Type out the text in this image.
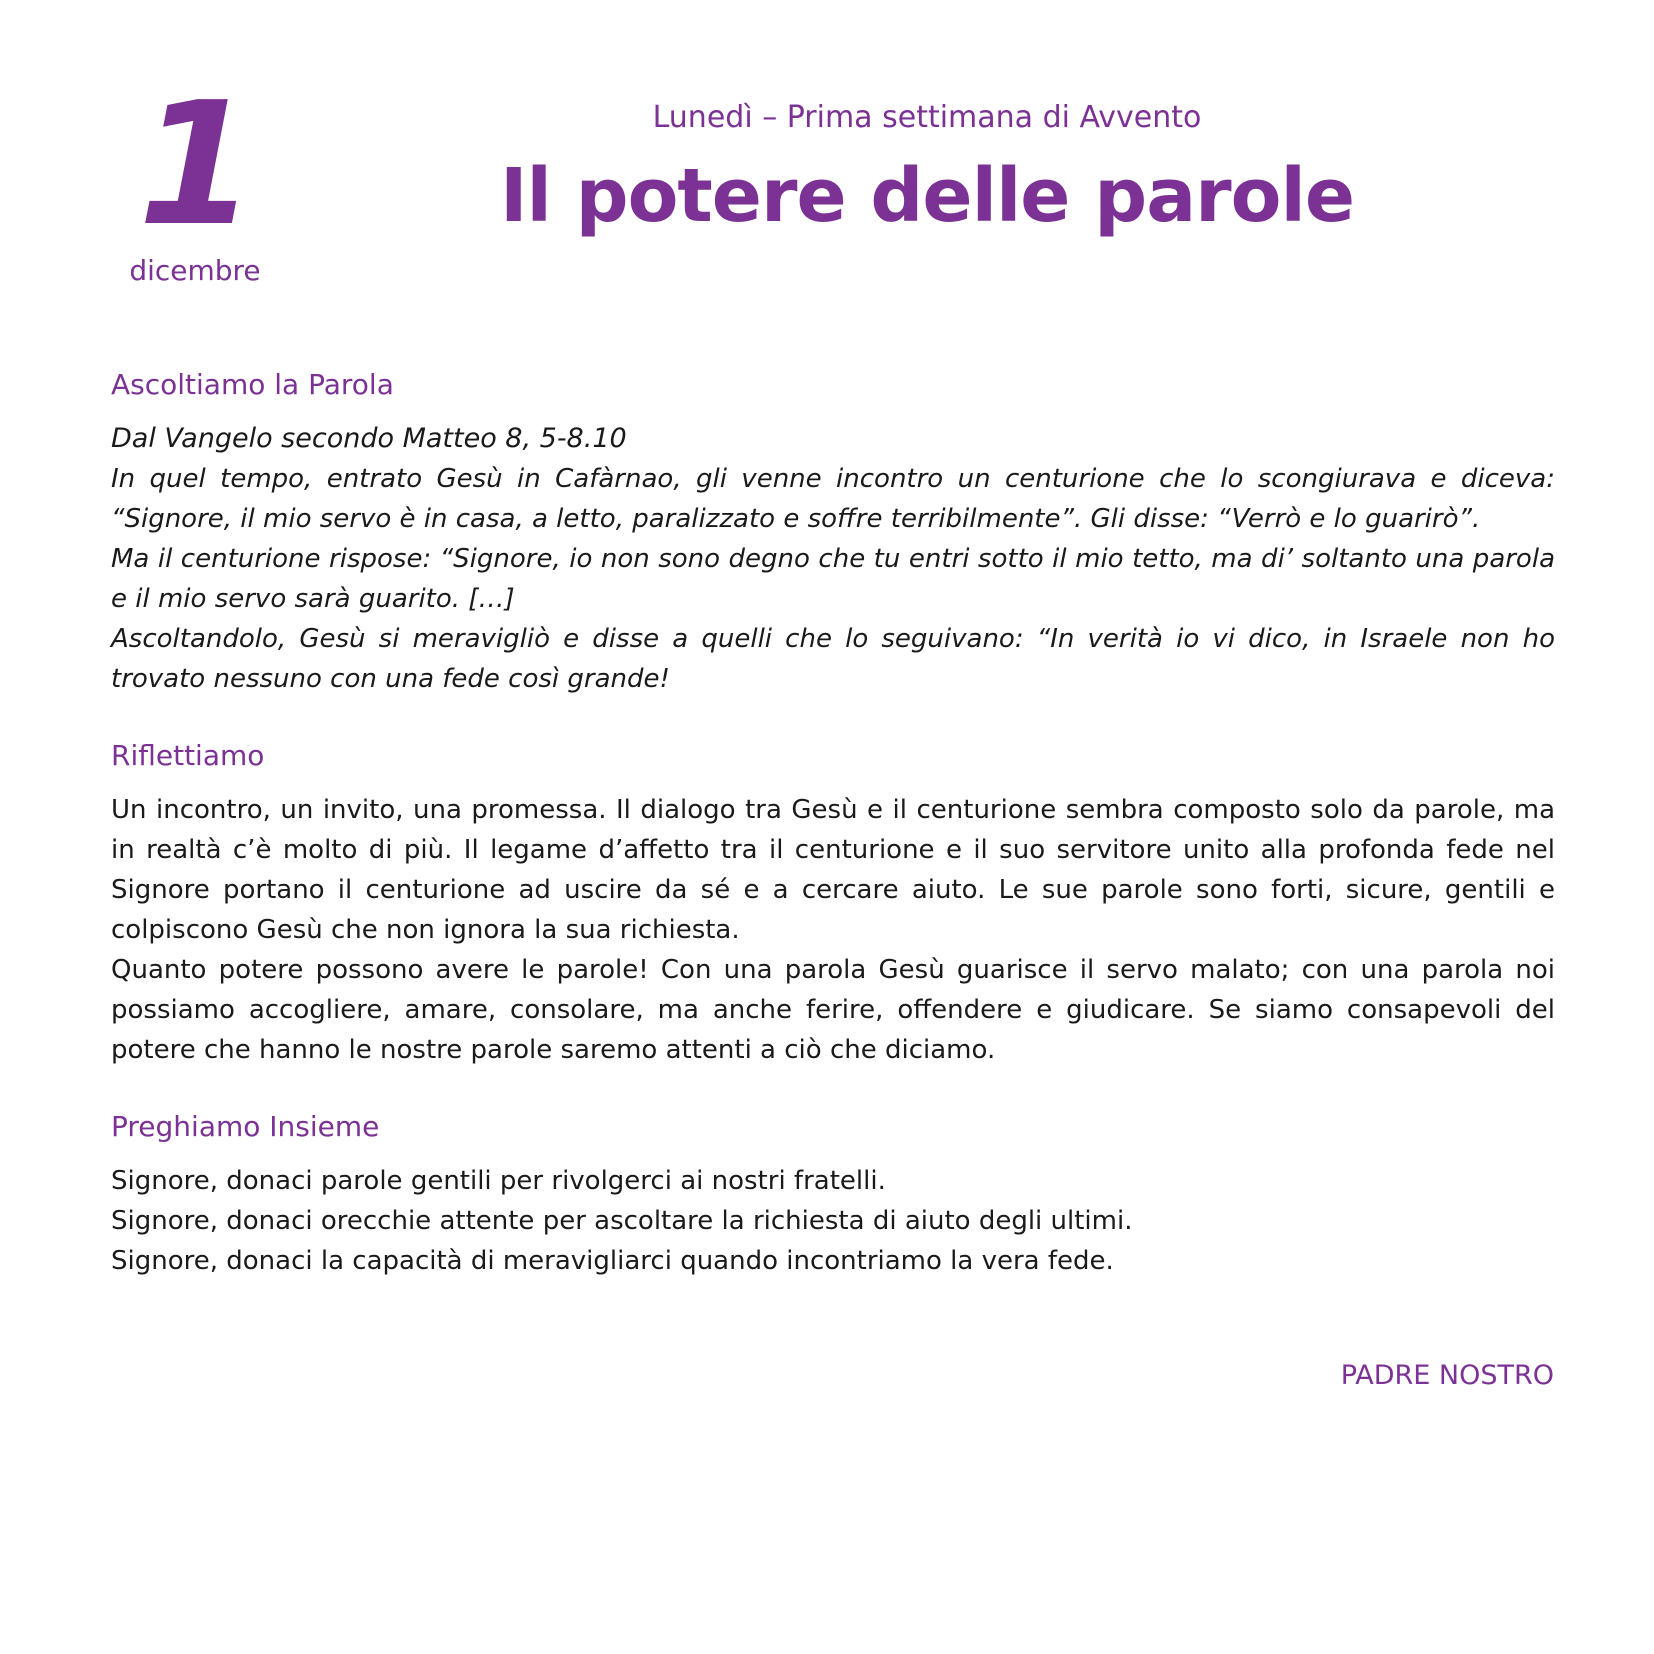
1
dicembre
Lunedì – Prima settimana di Avvento
Il potere delle parole
Ascoltiamo la Parola

Dal Vangelo secondo Matteo 8, 5-8.10

In quel tempo, entrato Gesù in Cafàrnao, gli venne incontro un centurione che lo scongiurava e diceva: “Signore, il mio servo è in casa, a letto, paralizzato e soffre terribilmente”. Gli disse: “Verrò e lo guarirò”.

Ma il centurione rispose: “Signore, io non sono degno che tu entri sotto il mio tetto, ma di’ soltanto una parola e il mio servo sarà guarito. […]

Ascoltandolo, Gesù si meravigliò e disse a quelli che lo seguivano: “In verità io vi dico, in Israele non ho trovato nessuno con una fede così grande!

Riflettiamo

Un incontro, un invito, una promessa. Il dialogo tra Gesù e il centurione sembra composto solo da parole, ma in realtà c’è molto di più. Il legame d’affetto tra il centurione e il suo servitore unito alla profonda fede nel Signore portano il centurione ad uscire da sé e a cercare aiuto. Le sue parole sono forti, sicure, gentili e colpiscono Gesù che non ignora la sua richiesta.

Quanto potere possono avere le parole! Con una parola Gesù guarisce il servo malato; con una parola noi possiamo accogliere, amare, consolare, ma anche ferire, offendere e giudicare. Se siamo consapevoli del potere che hanno le nostre parole saremo attenti a ciò che diciamo.

Preghiamo Insieme

Signore, donaci parole gentili per rivolgerci ai nostri fratelli.

Signore, donaci orecchie attente per ascoltare la richiesta di aiuto degli ultimi.

Signore, donaci la capacità di meravigliarci quando incontriamo la vera fede.

PADRE NOSTRO
